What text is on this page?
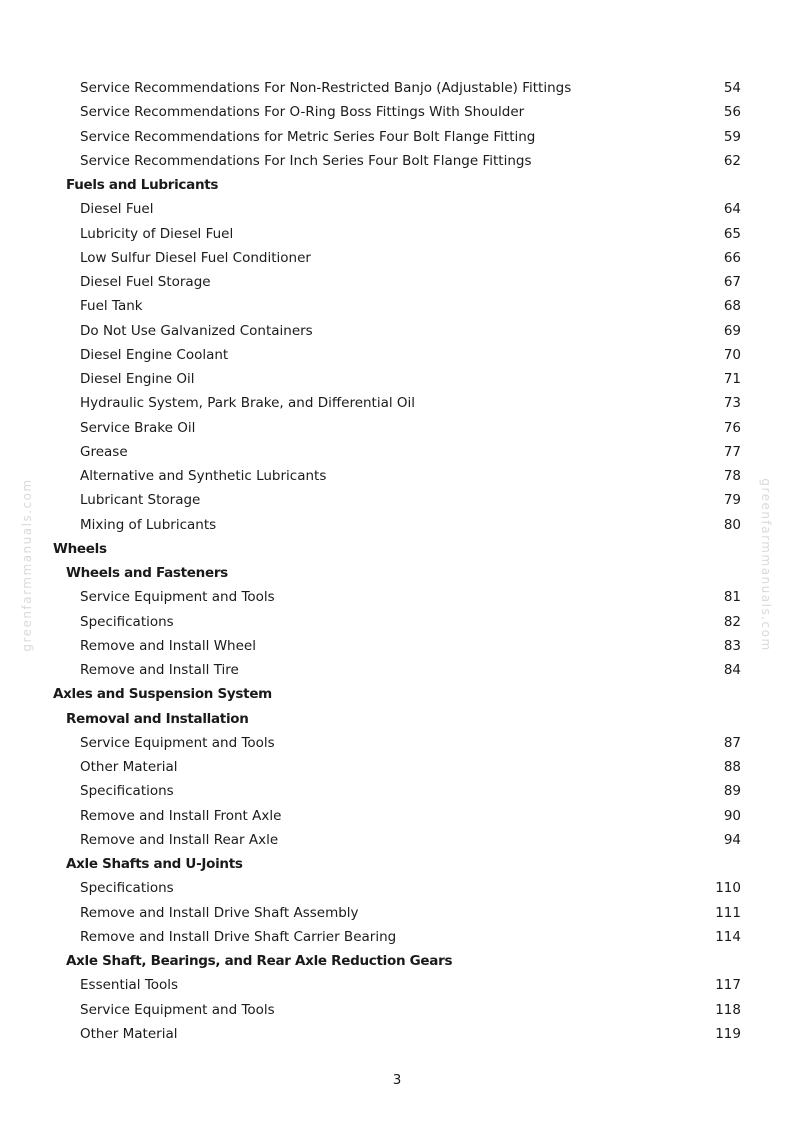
greenfarmmanuals.com	greenfarmmanuals.com
Service Recommendations For Non-Restricted Banjo (Adjustable) Fittings	54
Service Recommendations For O-Ring Boss Fittings With Shoulder	56
Service Recommendations for Metric Series Four Bolt Flange Fitting	59
Service Recommendations For Inch Series Four Bolt Flange Fittings	62
Fuels and Lubricants
Diesel Fuel	64
Lubricity of Diesel Fuel	65
Low Sulfur Diesel Fuel Conditioner	66
Diesel Fuel Storage	67
Fuel Tank	68
Do Not Use Galvanized Containers	69
Diesel Engine Coolant	70
Diesel Engine Oil	71
Hydraulic System, Park Brake, and Differential Oil	73
Service Brake Oil	76
Grease	77
Alternative and Synthetic Lubricants	78
Lubricant Storage	79
Mixing of Lubricants	80
Wheels
Wheels and Fasteners
Service Equipment and Tools	81
Specifications	82
Remove and Install Wheel	83
Remove and Install Tire	84
Axles and Suspension System
Removal and Installation
Service Equipment and Tools	87
Other Material	88
Specifications	89
Remove and Install Front Axle	90
Remove and Install Rear Axle	94
Axle Shafts and U-Joints
Specifications	110
Remove and Install Drive Shaft Assembly	111
Remove and Install Drive Shaft Carrier Bearing	114
Axle Shaft, Bearings, and Rear Axle Reduction Gears
Essential Tools	117
Service Equipment and Tools	118
Other Material	119
3
